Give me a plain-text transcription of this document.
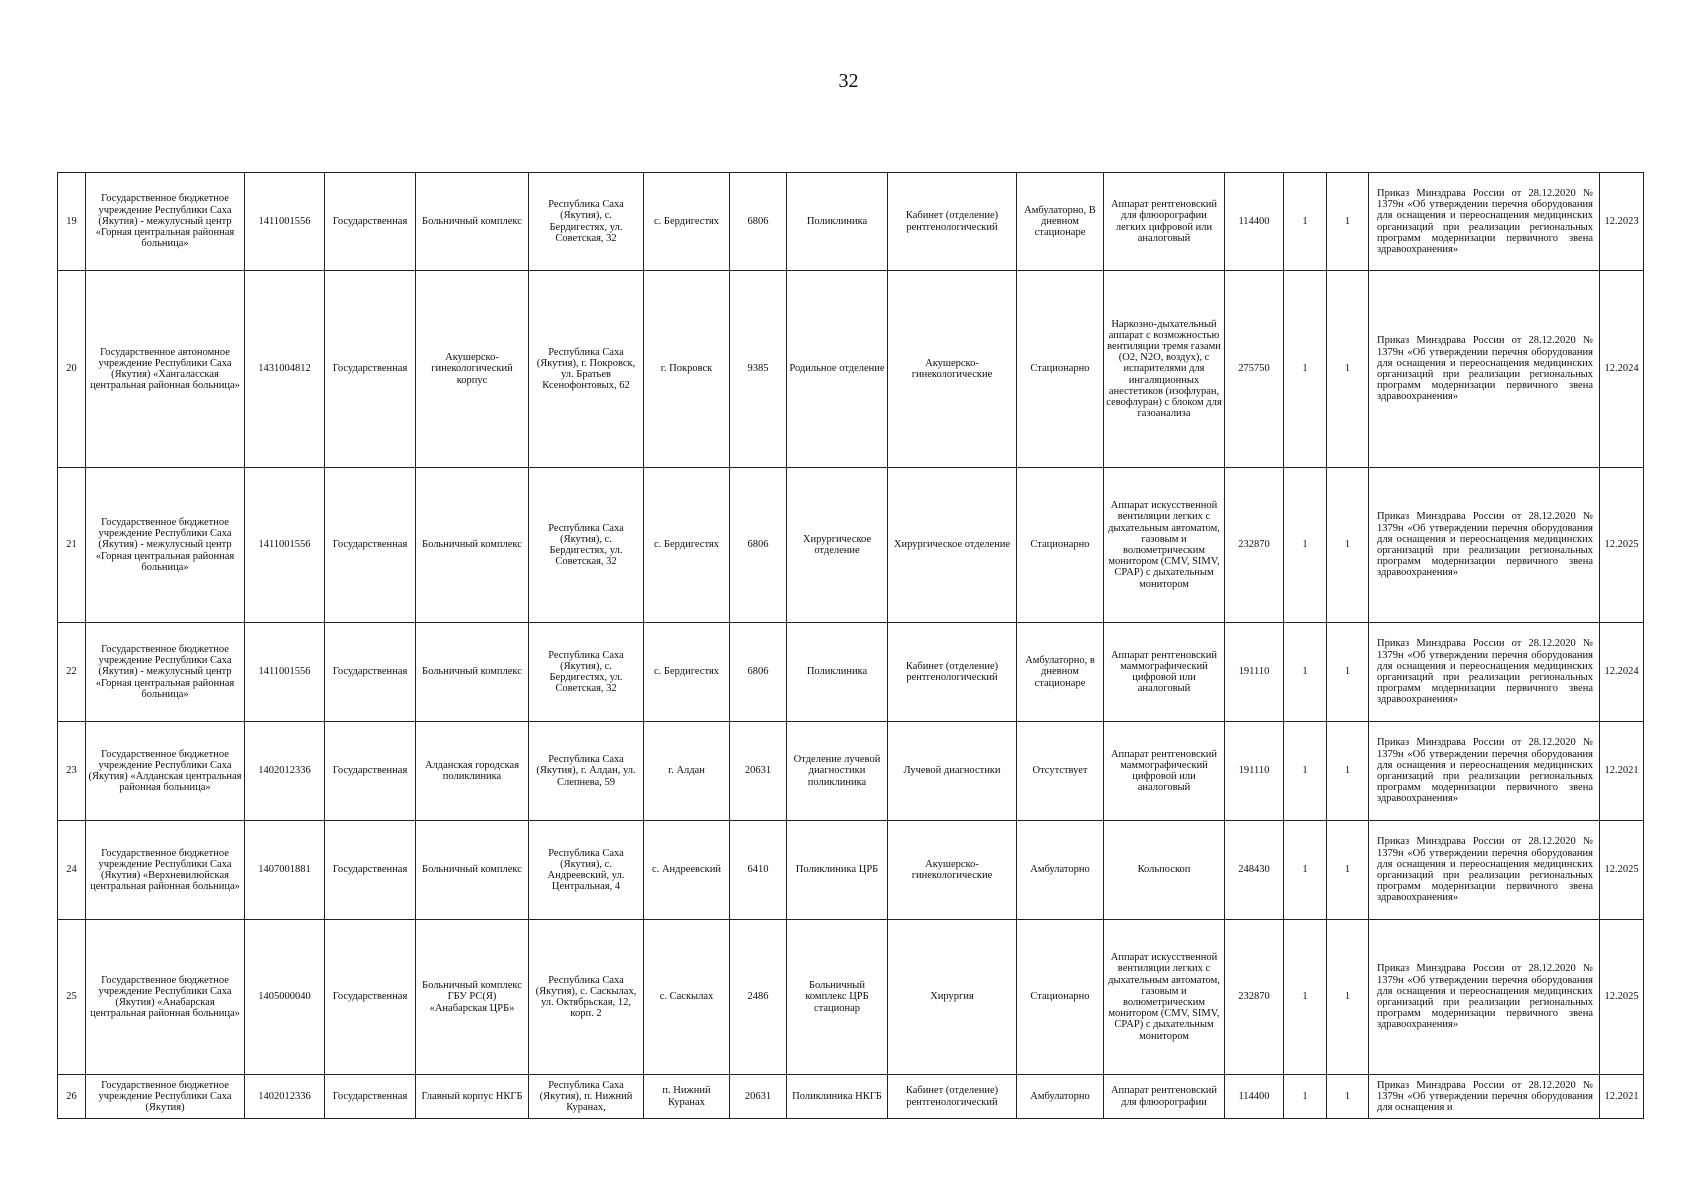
32
19	Государственное бюджетное учреждение Республики Саха (Якутия) - межулусный центр «Горная центральная районная больница»	1411001556	Государственная	Больничный комплекс	Республика Саха (Якутия), с. Бердигестях, ул. Советская, 32	с. Бердигестях	6806	Поликлиника	Кабинет (отделение) рентгенологический	Амбулаторно, В дневном стационаре	Аппарат рентгеновский для флюорографии легких цифровой или аналоговый	114400	1	1	Приказ Минздрава России от 28.12.2020 № 1379н «Об утверждении перечня оборудования для оснащения и переоснащения медицинских организаций при реализации региональных программ модернизации первичного звена здравоохранения»	12.2023
20	Государственное автономное учреждение Республики Саха (Якутия) «Хангаласская центральная районная больница»	1431004812	Государственная	Акушерско-гинекологический корпус	Республика Саха (Якутия), г. Покровск, ул. Братьев Ксенофонтовых, 62	г. Покровск	9385	Родильное отделение	Акушерско-гинекологические	Стационарно	Наркозно-дыхательный аппарат с возможностью вентиляции тремя газами (O2, N2O, воздух), с испарителями для ингаляционных анестетиков (изофлуран, севофлуран) с блоком для газоанализа	275750	1	1	Приказ Минздрава России от 28.12.2020 № 1379н «Об утверждении перечня оборудования для оснащения и переоснащения медицинских организаций при реализации региональных программ модернизации первичного звена здравоохранения»	12.2024
21	Государственное бюджетное учреждение Республики Саха (Якутия) - межулусный центр «Горная центральная районная больница»	1411001556	Государственная	Больничный комплекс	Республика Саха (Якутия), с. Бердигестях, ул. Советская, 32	с. Бердигестях	6806	Хирургическое отделение	Хирургическое отделение	Стационарно	Аппарат искусственной вентиляции легких с дыхательным автоматом, газовым и волюметрическим монитором (CMV, SIMV, CPAP) с дыхательным монитором	232870	1	1	Приказ Минздрава России от 28.12.2020 № 1379н «Об утверждении перечня оборудования для оснащения и переоснащения медицинских организаций при реализации региональных программ модернизации первичного звена здравоохранения»	12.2025
22	Государственное бюджетное учреждение Республики Саха (Якутия) - межулусный центр «Горная центральная районная больница»	1411001556	Государственная	Больничный комплекс	Республика Саха (Якутия), с. Бердигестях, ул. Советская, 32	с. Бердигестях	6806	Поликлиника	Кабинет (отделение) рентгенологический	Амбулаторно, в дневном стационаре	Аппарат рентгеновский маммографический цифровой или аналоговый	191110	1	1	Приказ Минздрава России от 28.12.2020 № 1379н «Об утверждении перечня оборудования для оснащения и переоснащения медицинских организаций при реализации региональных программ модернизации первичного звена здравоохранения»	12.2024
23	Государственное бюджетное учреждение Республики Саха (Якутия) «Алданская центральная районная больница»	1402012336	Государственная	Алданская городская поликлиника	Республика Саха (Якутия), г. Алдан, ул. Слепнева, 59	г. Алдан	20631	Отделение лучевой диагностики поликлиника	Лучевой диагностики	Отсутствует	Аппарат рентгеновский маммографический цифровой или аналоговый	191110	1	1	Приказ Минздрава России от 28.12.2020 № 1379н «Об утверждении перечня оборудования для оснащения и переоснащения медицинских организаций при реализации региональных программ модернизации первичного звена здравоохранения»	12.2021
24	Государственное бюджетное учреждение Республики Саха (Якутия) «Верхневилюйская центральная районная больница»	1407001881	Государственная	Больничный комплекс	Республика Саха (Якутия), с. Андреевский, ул. Центральная, 4	с. Андреевский	6410	Поликлиника ЦРБ	Акушерско-гинекологические	Амбулаторно	Кольпоскоп	248430	1	1	Приказ Минздрава России от 28.12.2020 № 1379н «Об утверждении перечня оборудования для оснащения и переоснащения медицинских организаций при реализации региональных программ модернизации первичного звена здравоохранения»	12.2025
25	Государственное бюджетное учреждение Республики Саха (Якутия) «Анабарская центральная районная больница»	1405000040	Государственная	Больничный комплекс ГБУ РС(Я) «Анабарская ЦРБ»	Республика Саха (Якутия), с. Саскылах, ул. Октябрьская, 12, корп. 2	с. Саскылах	2486	Больничный комплекс ЦРБ стационар	Хирургия	Стационарно	Аппарат искусственной вентиляции легких с дыхательным автоматом, газовым и волюметрическим монитором (CMV, SIMV, CPAP) с дыхательным монитором	232870	1	1	Приказ Минздрава России от 28.12.2020 № 1379н «Об утверждении перечня оборудования для оснащения и переоснащения медицинских организаций при реализации региональных программ модернизации первичного звена здравоохранения»	12.2025
26	Государственное бюджетное учреждение Республики Саха (Якутия)	1402012336	Государственная	Главный корпус НКГБ	Республика Саха (Якутия), п. Нижний Куранах,	п. Нижний Куранах	20631	Поликлиника НКГБ	Кабинет (отделение) рентгенологический	Амбулаторно	Аппарат рентгеновский для флюорографии	114400	1	1	Приказ Минздрава России от 28.12.2020 № 1379н «Об утверждении перечня оборудования для оснащения и	12.2021
